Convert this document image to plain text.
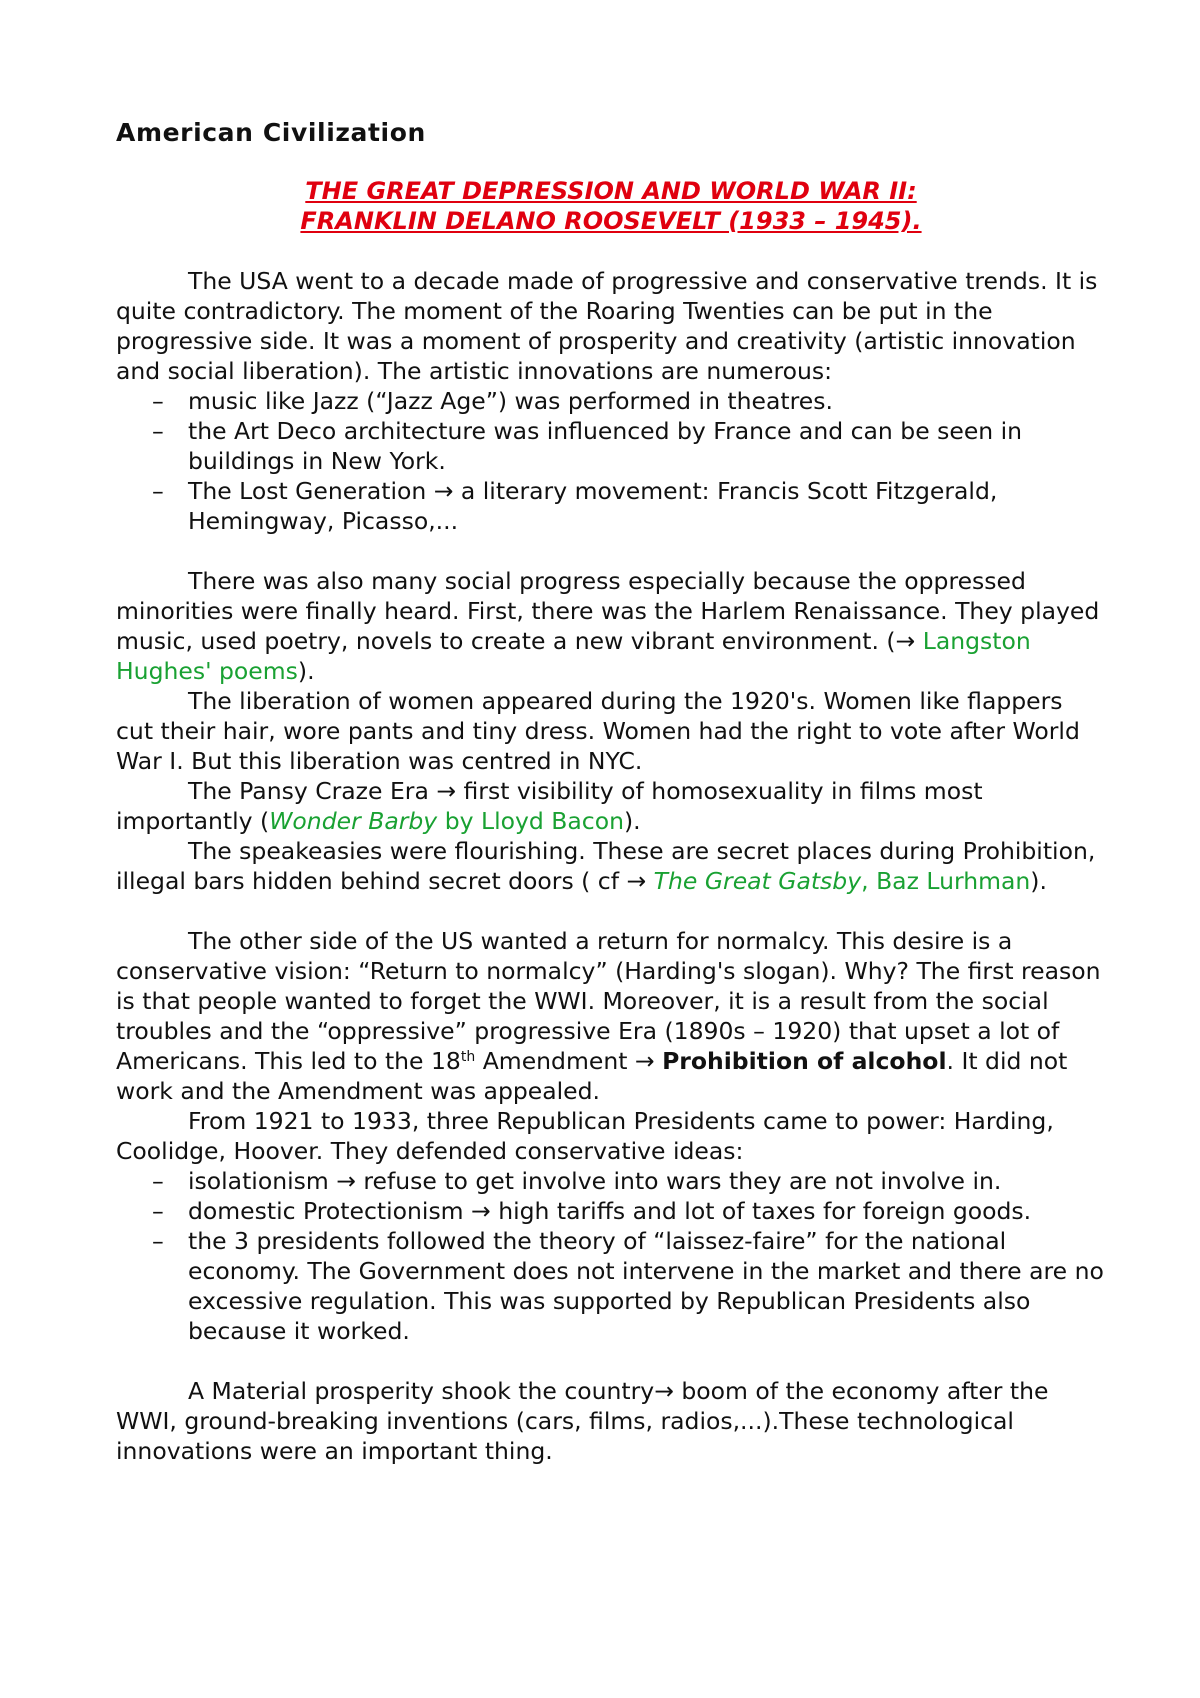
American Civilization
THE GREAT DEPRESSION AND WORLD WAR II:
FRANKLIN DELANO ROOSEVELT (1933 – 1945).

The USA went to a decade made of progressive and conservative trends. It is quite contradictory. The moment of the Roaring Twenties can be put in the progressive side. It was a moment of prosperity and creativity (artistic innovation and social liberation). The artistic innovations are numerous:

– music like Jazz (“Jazz Age”) was performed in theatres.
– the Art Deco architecture was influenced by France and can be seen in buildings in New York.
– The Lost Generation → a literary movement: Francis Scott Fitzgerald, Hemingway, Picasso,...

There was also many social progress especially because the oppressed minorities were finally heard. First, there was the Harlem Renaissance. They played music, used poetry, novels to create a new vibrant environment. (→ Langston Hughes' poems).

The liberation of women appeared during the 1920's. Women like flappers cut their hair, wore pants and tiny dress. Women had the right to vote after World War I. But this liberation was centred in NYC.

The Pansy Craze Era → first visibility of homosexuality in films most importantly (Wonder Barby by Lloyd Bacon).

The speakeasies were flourishing. These are secret places during Prohibition, illegal bars hidden behind secret doors ( cf → The Great Gatsby, Baz Lurhman).

The other side of the US wanted a return for normalcy. This desire is a conservative vision: “Return to normalcy” (Harding's slogan). Why? The first reason is that people wanted to forget the WWI. Moreover, it is a result from the social troubles and the “oppressive” progressive Era (1890s – 1920) that upset a lot of Americans. This led to the 18th Amendment → Prohibition of alcohol. It did not work and the Amendment was appealed.

From 1921 to 1933, three Republican Presidents came to power: Harding, Coolidge, Hoover. They defended conservative ideas:

– isolationism → refuse to get involve into wars they are not involve in.
– domestic Protectionism → high tariffs and lot of taxes for foreign goods.
– the 3 presidents followed the theory of “laissez-faire” for the national economy. The Government does not intervene in the market and there are no excessive regulation. This was supported by Republican Presidents also because it worked.

A Material prosperity shook the country→ boom of the economy after the WWI, ground-breaking inventions (cars, films, radios,...).These technological innovations were an important thing.
